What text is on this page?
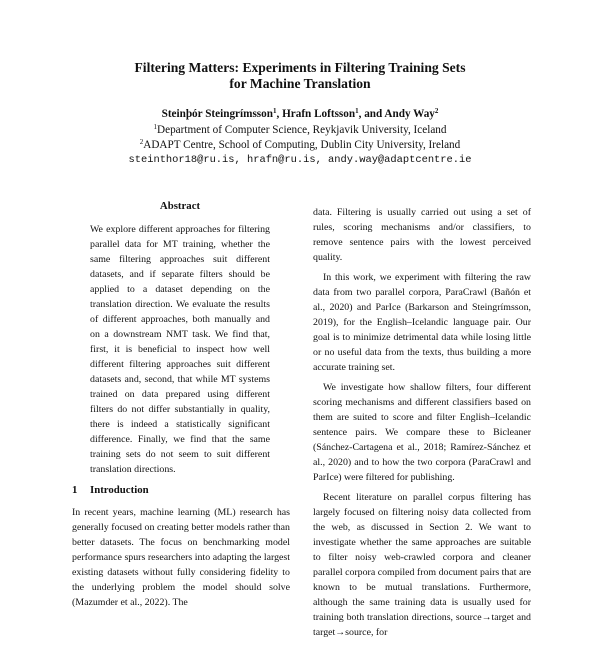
Filtering Matters: Experiments in Filtering Training Sets
for Machine Translation
Steinþór Steingrímsson$^1$, Hrafn Loftsson$^1$, and Andy Way$^2$
$^1$Department of Computer Science, Reykjavik University, Iceland
$^2$ADAPT Centre, School of Computing, Dublin City University, Ireland
steinthor18@ru.is, hrafn@ru.is, andy.way@adaptcentre.ie
Abstract

We explore different approaches for filtering parallel data for MT training, whether the same filtering approaches suit different datasets, and if separate filters should be applied to a dataset depending on the translation direction. We evaluate the results of different approaches, both manually and on a downstream NMT task. We find that, first, it is beneficial to inspect how well different filtering approaches suit different datasets and, second, that while MT systems trained on data prepared using different filters do not differ substantially in quality, there is indeed a statistically significant difference. Finally, we find that the same training sets do not seem to suit different translation directions.

1 Introduction

In recent years, machine learning (ML) research has generally focused on creating better models rather than better datasets. The focus on benchmarking model performance spurs researchers into adapting the largest existing datasets without fully considering fidelity to the underlying problem the model should solve (Mazumder et al., 2022). The

data. Filtering is usually carried out using a set of rules, scoring mechanisms and/or classifiers, to remove sentence pairs with the lowest perceived quality.

In this work, we experiment with filtering the raw data from two parallel corpora, ParaCrawl (Bañón et al., 2020) and ParIce (Barkarson and Steingrímsson, 2019), for the English–Icelandic language pair. Our goal is to minimize detrimental data while losing little or no useful data from the texts, thus building a more accurate training set.

We investigate how shallow filters, four different scoring mechanisms and different classifiers based on them are suited to score and filter English–Icelandic sentence pairs. We compare these to Bicleaner (Sánchez-Cartagena et al., 2018; Ramírez-Sánchez et al., 2020) and to how the two corpora (ParaCrawl and ParIce) were filtered for publishing.

Recent literature on parallel corpus filtering has largely focused on filtering noisy data collected from the web, as discussed in Section 2. We want to investigate whether the same approaches are suitable to filter noisy web-crawled corpora and cleaner parallel corpora compiled from document pairs that are known to be mutual translations. Furthermore, although the same training data is usually used for training both translation directions, source→target and target→source, for
